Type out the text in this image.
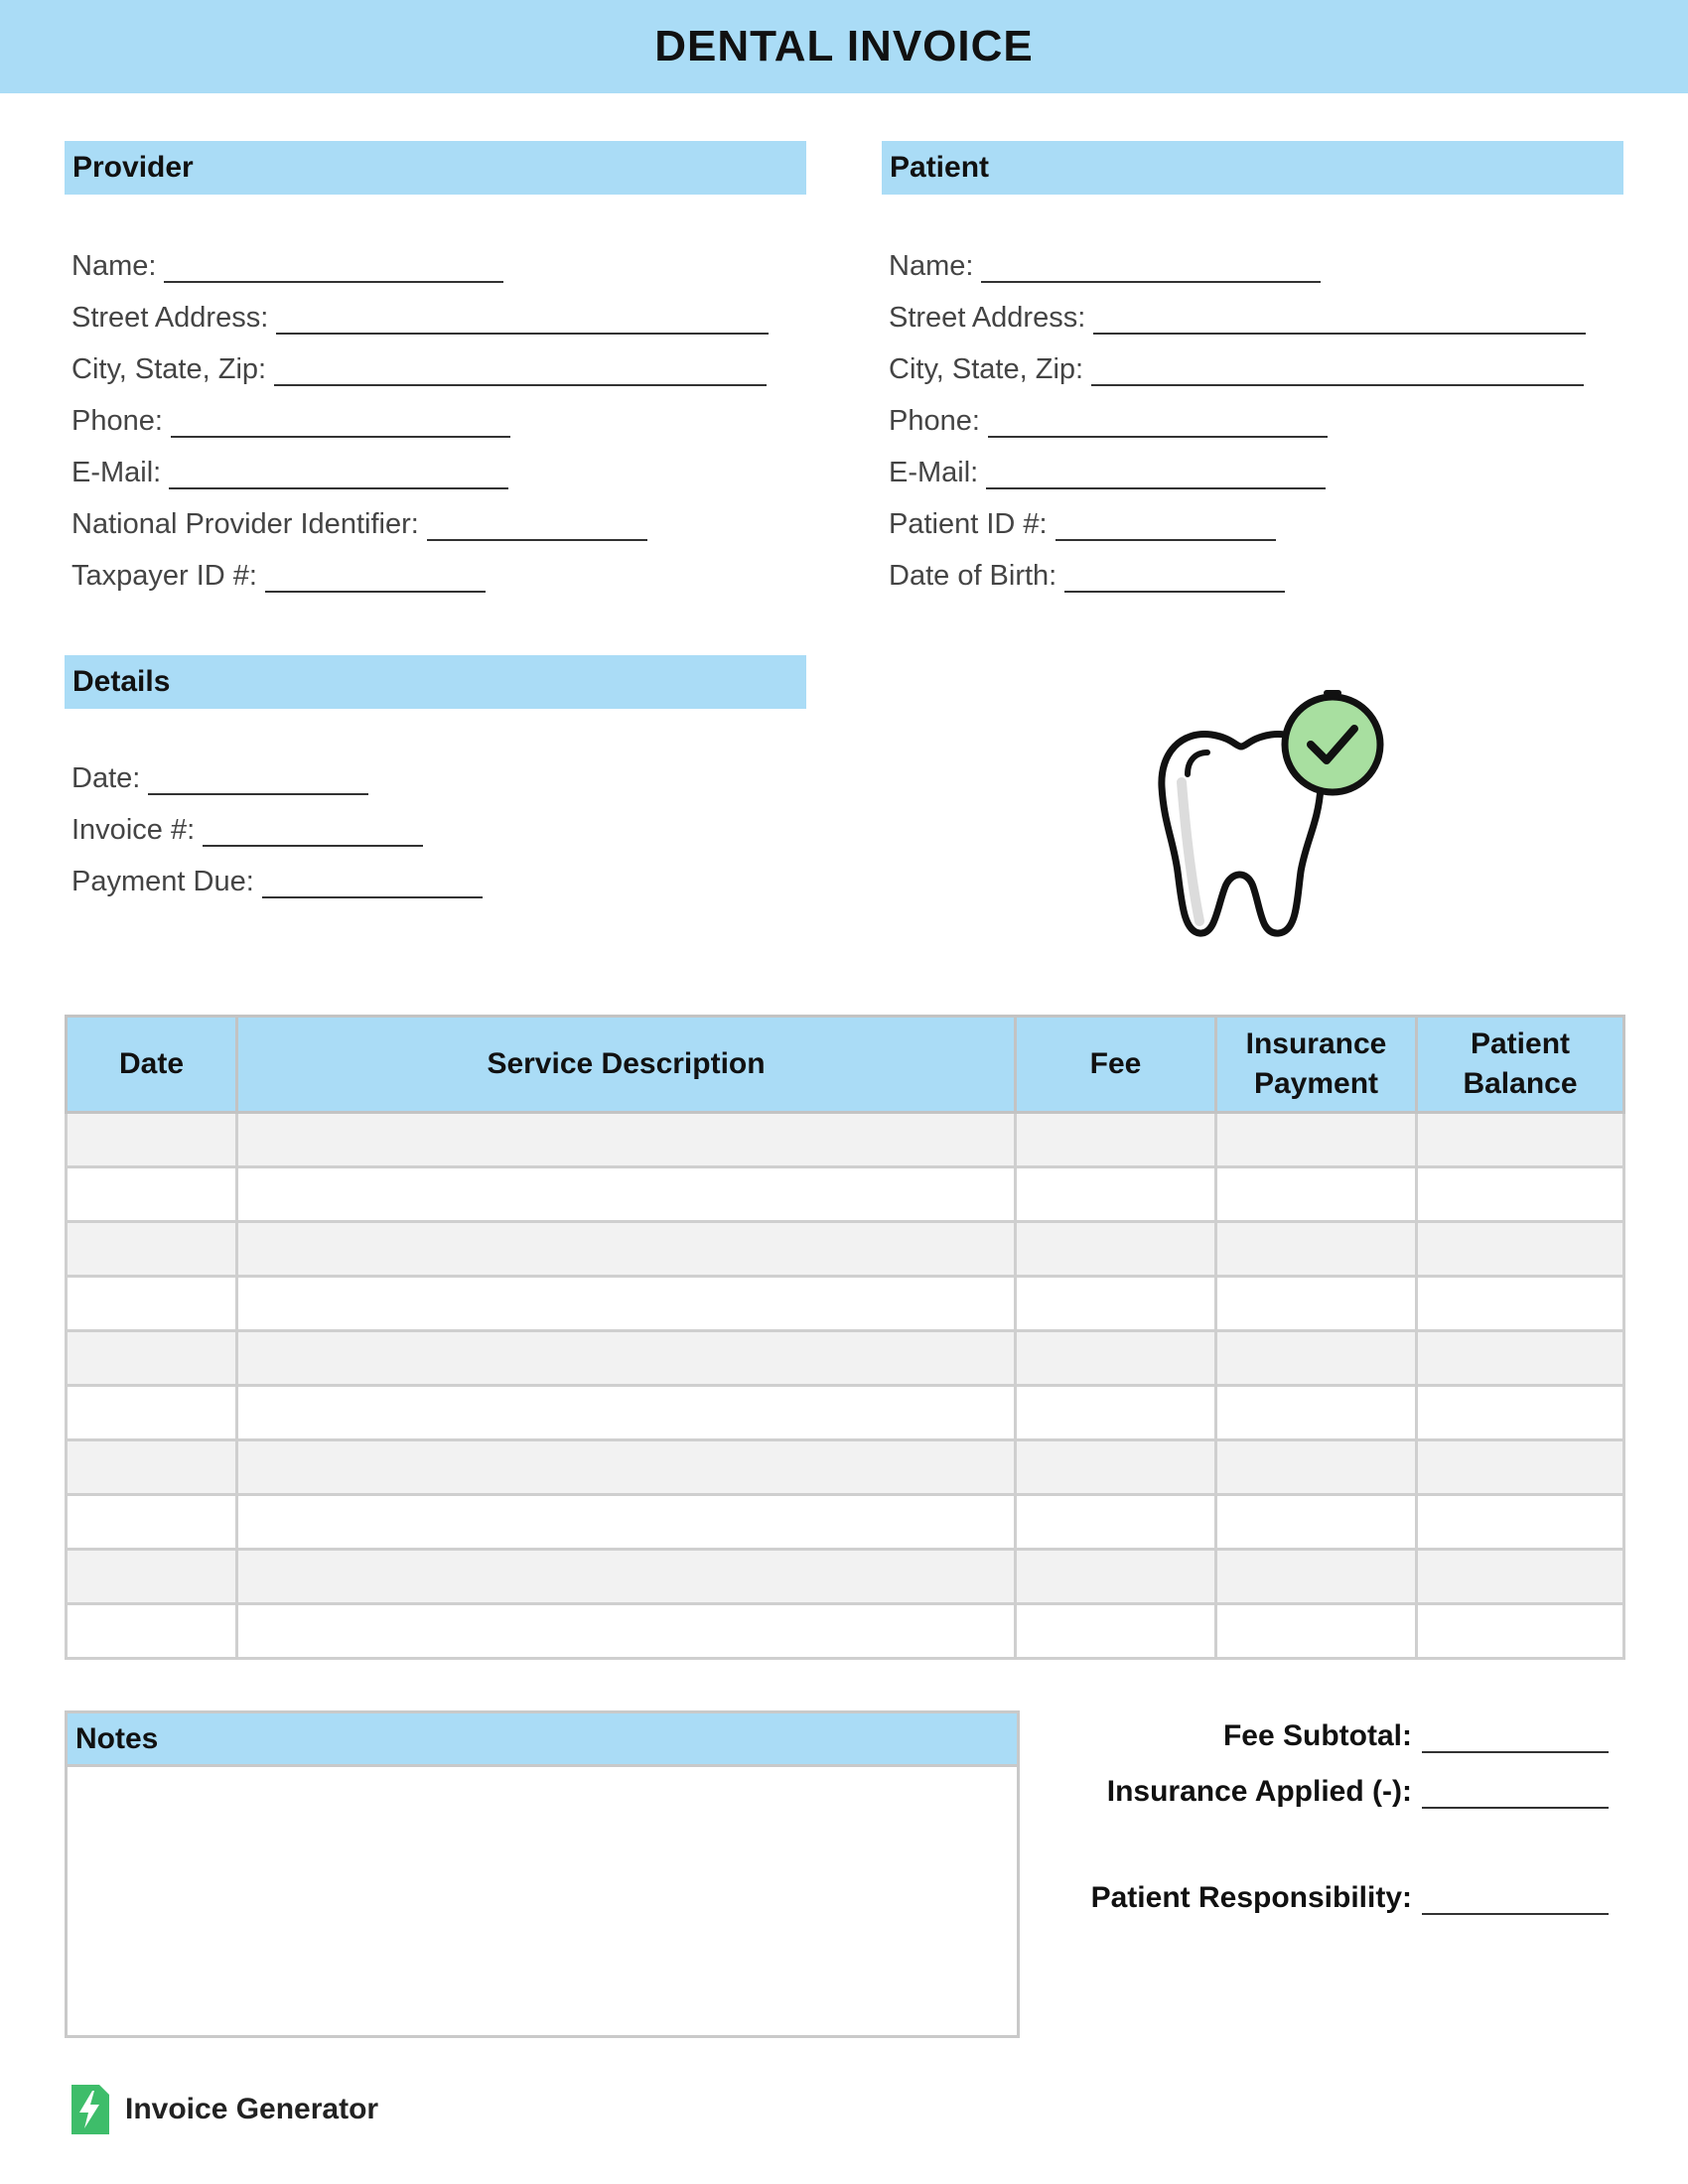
DENTAL INVOICE
Provider
Name:
Street Address:
City, State, Zip:
Phone:
E-Mail:
National Provider Identifier:
Taxpayer ID #:
Patient
Name:
Street Address:
City, State, Zip:
Phone:
E-Mail:
Patient ID #:
Date of Birth:
Details
Date:
Invoice #:
Payment Due:
Date	Service Description	Fee	Insurance Payment	Patient Balance

Notes	Fee Subtotal:
Insurance Applied (-):
Patient Responsibility:
Invoice Generator
